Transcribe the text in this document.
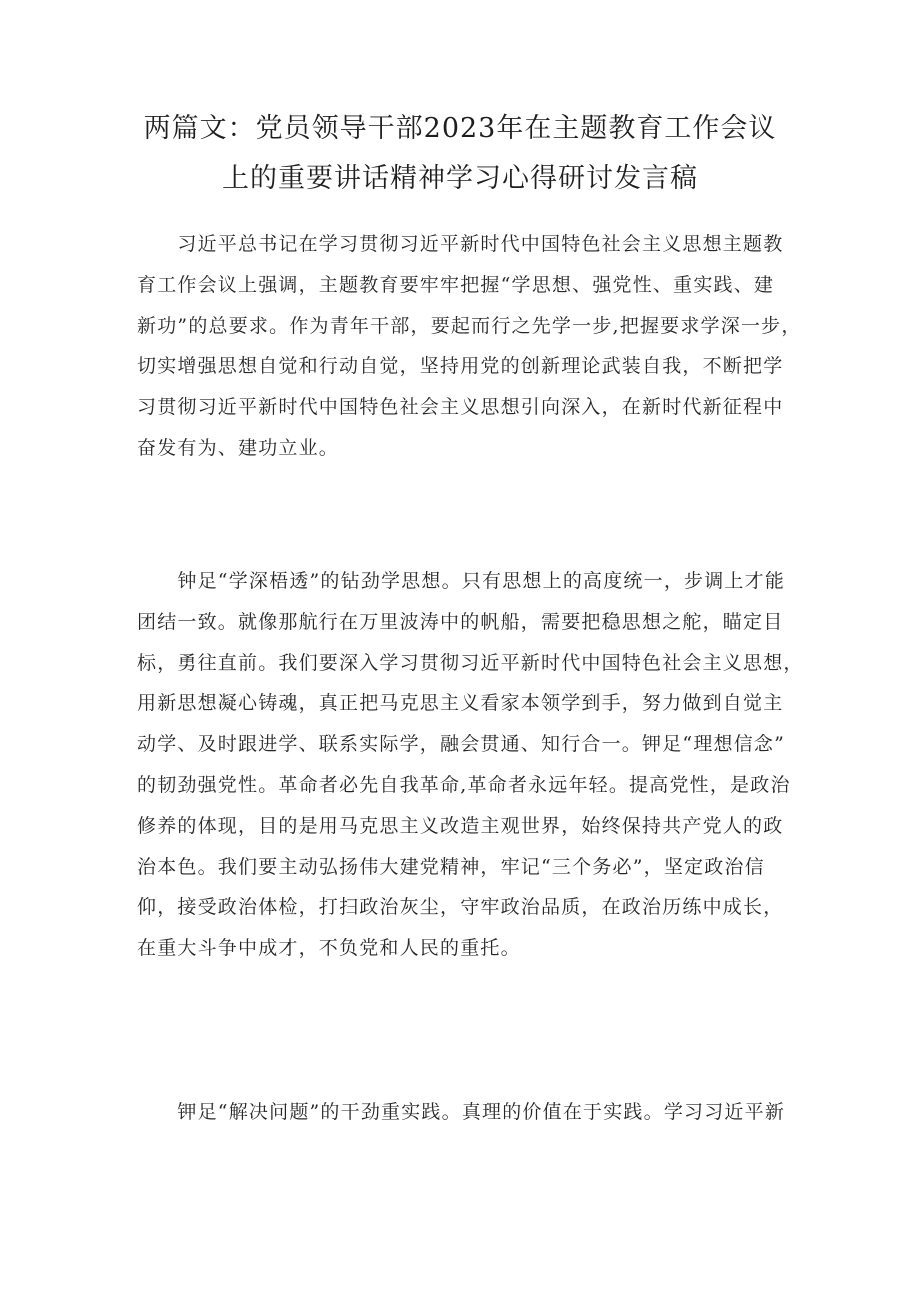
两篇文：党员领导干部2023年在主题教育工作会议
上的重要讲话精神学习心得研讨发言稿
　　习近平总书记在学习贯彻习近平新时代中国特色社会主义思想主题教
育工作会议上强调，主题教育要牢牢把握“学思想、强党性、重实践、建
新功”的总要求。作为青年干部，要起而行之先学一步,把握要求学深一步，
切实增强思想自觉和行动自觉，坚持用党的创新理论武装自我，不断把学
习贯彻习近平新时代中国特色社会主义思想引向深入，在新时代新征程中
奋发有为、建功立业。
　　钟足“学深梧透”的钻劲学思想。只有思想上的高度统一，步调上才能
团结一致。就像那航行在万里波涛中的帆船，需要把稳思想之舵，瞄定目
标，勇往直前。我们要深入学习贯彻习近平新时代中国特色社会主义思想，
用新思想凝心铸魂，真正把马克思主义看家本领学到手，努力做到自觉主
动学、及时跟进学、联系实际学，融会贯通、知行合一。钾足“理想信念”
的韧劲强党性。革命者必先自我革命,革命者永远年轻。提高党性，是政治
修养的体现，目的是用马克思主义改造主观世界，始终保持共产党人的政
治本色。我们要主动弘扬伟大建党精神，牢记“三个务必”，坚定政治信
仰，接受政治体检，打扫政治灰尘，守牢政治品质，在政治历练中成长，
在重大斗争中成才，不负党和人民的重托。
　　钾足“解决问题”的干劲重实践。真理的价值在于实践。学习习近平新
